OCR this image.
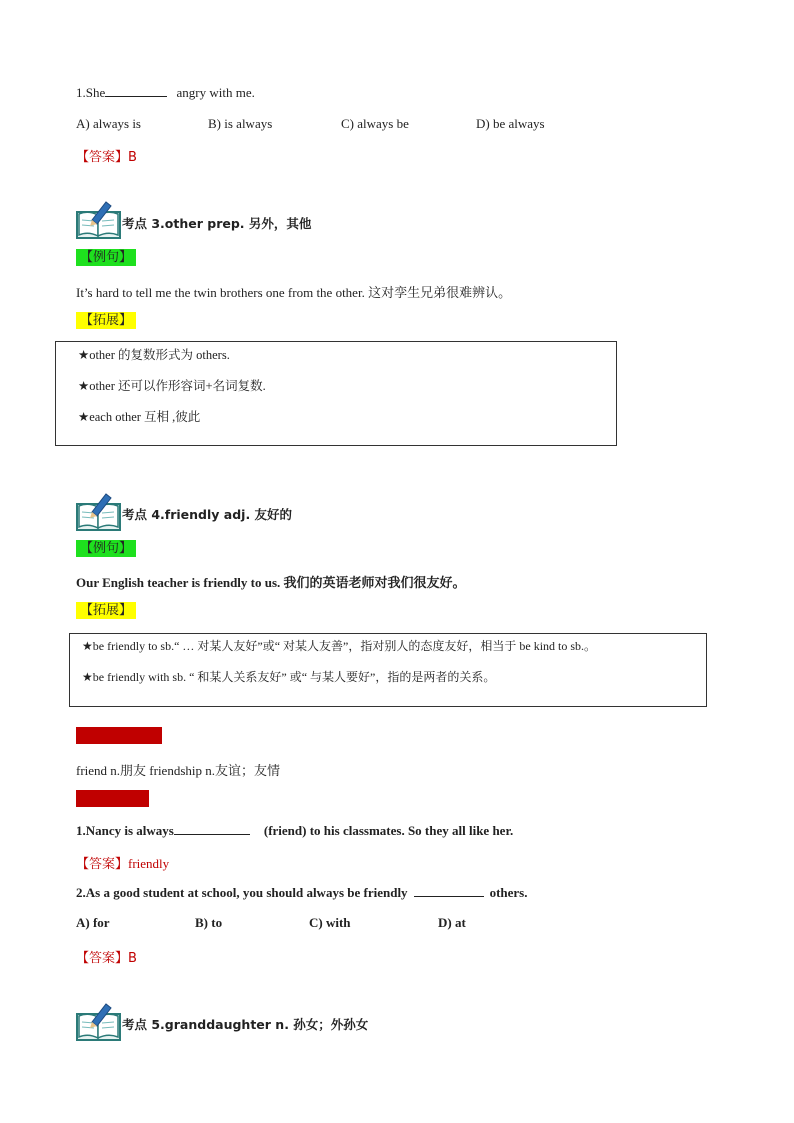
1.She	angry with me.
A) always is	B) is always	C) always be	D) be always
【答案】B
考点 3.other prep. 另外，其他
【例句】
It’s hard to tell me the twin brothers one from the other. 这对孪生兄弟很难辨认。
【拓展】
★other 的复数形式为 others.
★other 还可以作形容词+名词复数.
★each other 互相 ,彼此
考点 4.friendly adj. 友好的
【例句】
Our English teacher is friendly to us. 我们的英语老师对我们很友好。
【拓展】
★be friendly to sb.“ … 对某人友好”或“ 对某人友善”，指对别人的态度友好，相当于 be kind to sb.。
★be friendly with sb. “ 和某人关系友好” 或“ 与某人要好”，指的是两者的关系。
【知识链接】
friend n.朋友 friendship n.友谊；友情
【练一练】
1.Nancy is always	(friend) to his classmates. So they all like her.
【答案】friendly
2.As a good student at school, you should always be friendly	others.
A) for	B) to	C) with	D) at
【答案】B
考点 5.granddaughter n. 孙女；外孙女
